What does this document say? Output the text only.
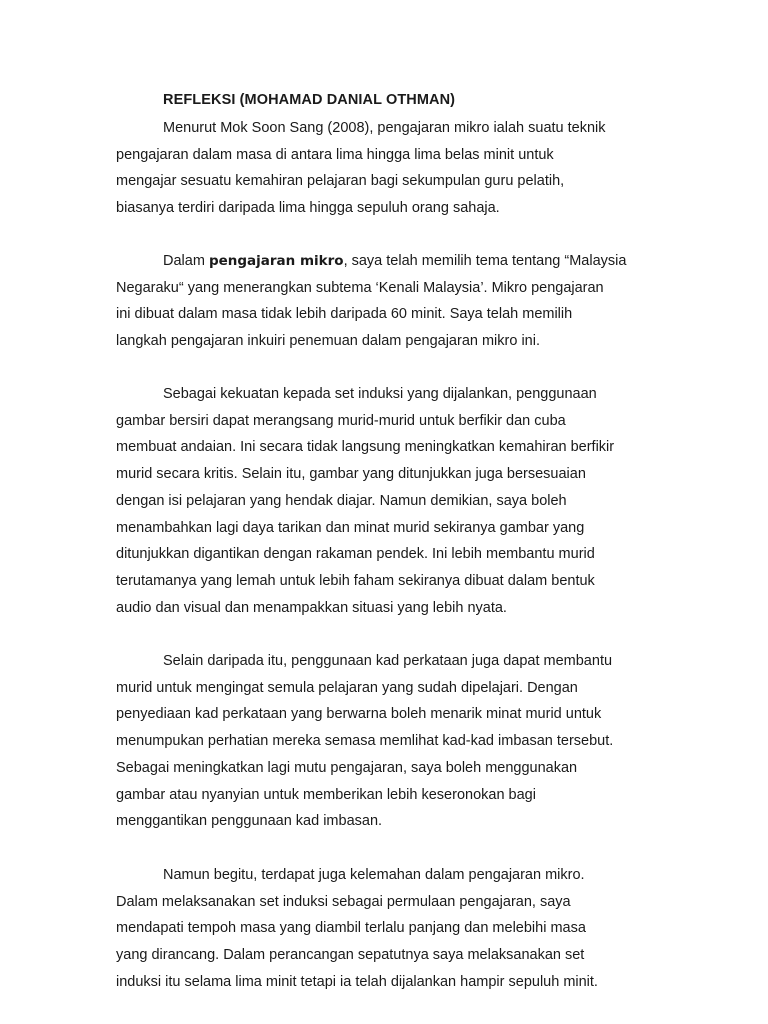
REFLEKSI (MOHAMAD DANIAL OTHMAN)

Menurut Mok Soon Sang (2008), pengajaran mikro ialah suatu teknik
pengajaran dalam masa di antara lima hingga lima belas minit untuk
mengajar sesuatu kemahiran pelajaran bagi sekumpulan guru pelatih,
biasanya terdiri daripada lima hingga sepuluh orang sahaja.

Dalam pengajaran mikro, saya telah memilih tema tentang “Malaysia
Negaraku“ yang menerangkan subtema ‘Kenali Malaysia’. Mikro pengajaran
ini dibuat dalam masa tidak lebih daripada 60 minit. Saya telah memilih
langkah pengajaran inkuiri penemuan dalam pengajaran mikro ini.

Sebagai kekuatan kepada set induksi yang dijalankan, penggunaan
gambar bersiri dapat merangsang murid-murid untuk berfikir dan cuba
membuat andaian. Ini secara tidak langsung meningkatkan kemahiran berfikir
murid secara kritis. Selain itu, gambar yang ditunjukkan juga bersesuaian
dengan isi pelajaran yang hendak diajar. Namun demikian, saya boleh
menambahkan lagi daya tarikan dan minat murid sekiranya gambar yang
ditunjukkan digantikan dengan rakaman pendek. Ini lebih membantu murid
terutamanya yang lemah untuk lebih faham sekiranya dibuat dalam bentuk
audio dan visual dan menampakkan situasi yang lebih nyata.

Selain daripada itu, penggunaan kad perkataan juga dapat membantu
murid untuk mengingat semula pelajaran yang sudah dipelajari. Dengan
penyediaan kad perkataan yang berwarna boleh menarik minat murid untuk
menumpukan perhatian mereka semasa memlihat kad-kad imbasan tersebut.
Sebagai meningkatkan lagi mutu pengajaran, saya boleh menggunakan
gambar atau nyanyian untuk memberikan lebih keseronokan bagi
menggantikan penggunaan kad imbasan.

Namun begitu, terdapat juga kelemahan dalam pengajaran mikro.
Dalam melaksanakan set induksi sebagai permulaan pengajaran, saya
mendapati tempoh masa yang diambil terlalu panjang dan melebihi masa
yang dirancang. Dalam perancangan sepatutnya saya melaksanakan set
induksi itu selama lima minit tetapi ia telah dijalankan hampir sepuluh minit.
